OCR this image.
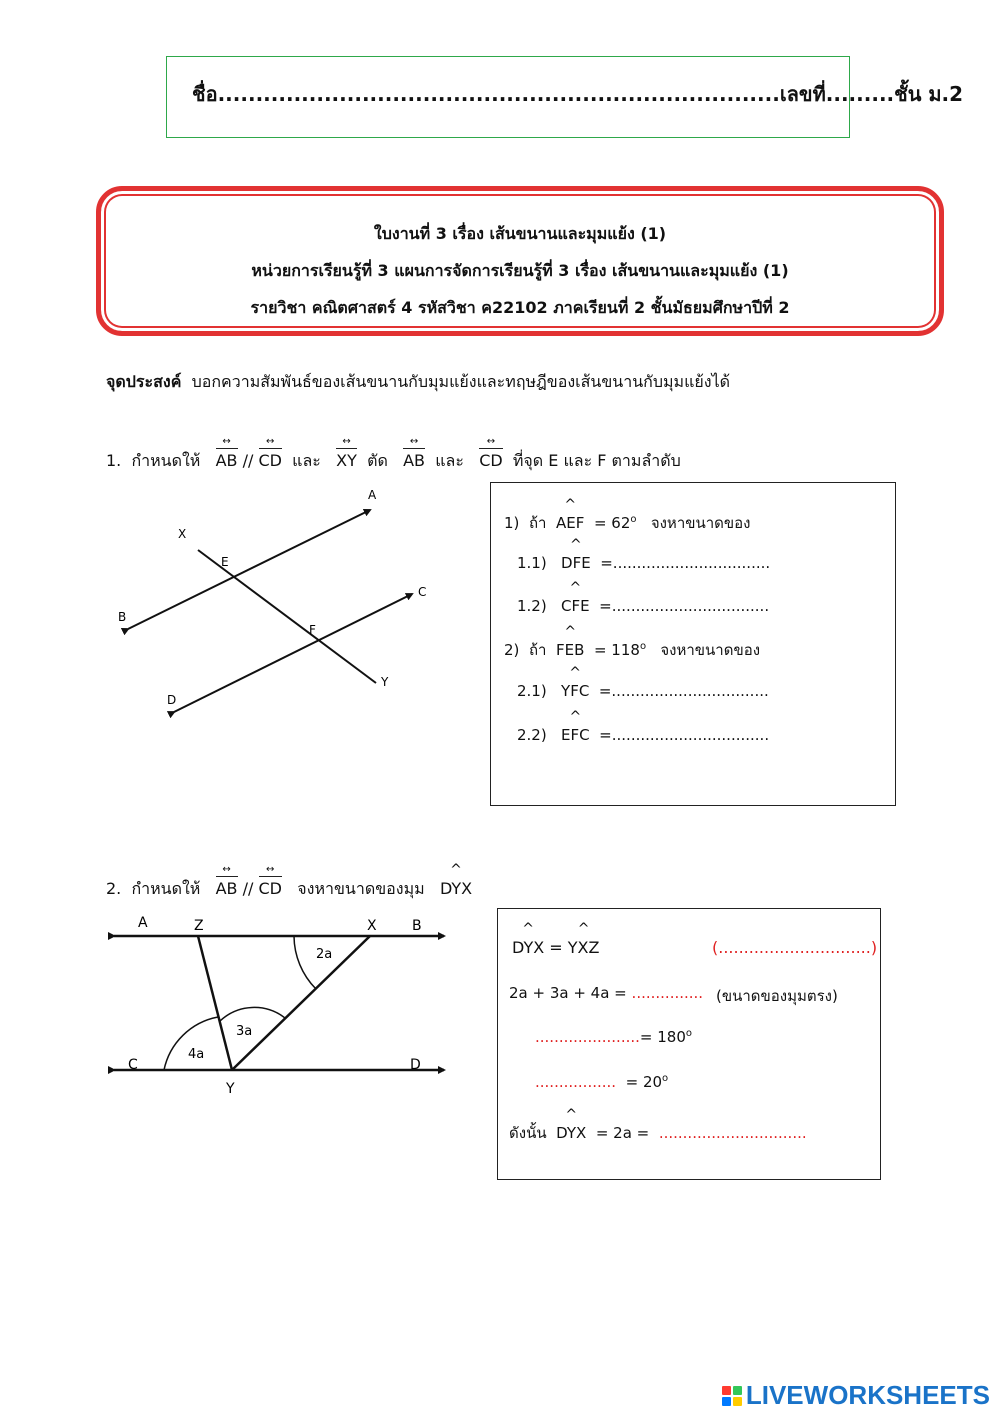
ชื่อ..........................................................................เลขที่.........ชั้น ม.2
ใบงานที่ 3 เรื่อง เส้นขนานและมุมแย้ง (1)
หน่วยการเรียนรู้ที่ 3 แผนการจัดการเรียนรู้ที่ 3 เรื่อง เส้นขนานและมุมแย้ง (1)
รายวิชา คณิตศาสตร์ 4 รหัสวิชา ค22102 ภาคเรียนที่ 2 ชั้นมัธยมศึกษาปีที่ 2
จุดประสงค์ บอกความสัมพันธ์ของเส้นขนานกับมุมแย้งและทฤษฎีของเส้นขนานกับมุมแย้งได้
1. กำหนดให้ AB ↔ // CD ↔ และ XY ↔ ตัด AB ↔ และ CD ↔ ที่จุด E และ F ตามลำดับ
A
B
C
D
E
F
X
Y
1) ถ้า ^ AEF = $62^o$ จงหาขนาดของ
1.1) ^ DFE =.................................
1.2) ^ CFE =.................................
2) ถ้า ^ FEB = $118^o$ จงหาขนาดของ
2.1) ^ YFC =.................................
2.2) ^ EFC =.................................
2. กำหนดให้ AB ↔ // CD ↔ จงหาขนาดของมุม ^ DYX
A	Z	X	B
C
Y
D
2a
3a
4a
^ DYX = ^ YXZ	(..............................)
2a + 3a + 4a = ............... (ขนาดของมุมตรง)
......................= $180^o$
................. = $20^o$
ดังนั้น ^ DYX = 2a = ...............................
LIVEWORKSHEETS
